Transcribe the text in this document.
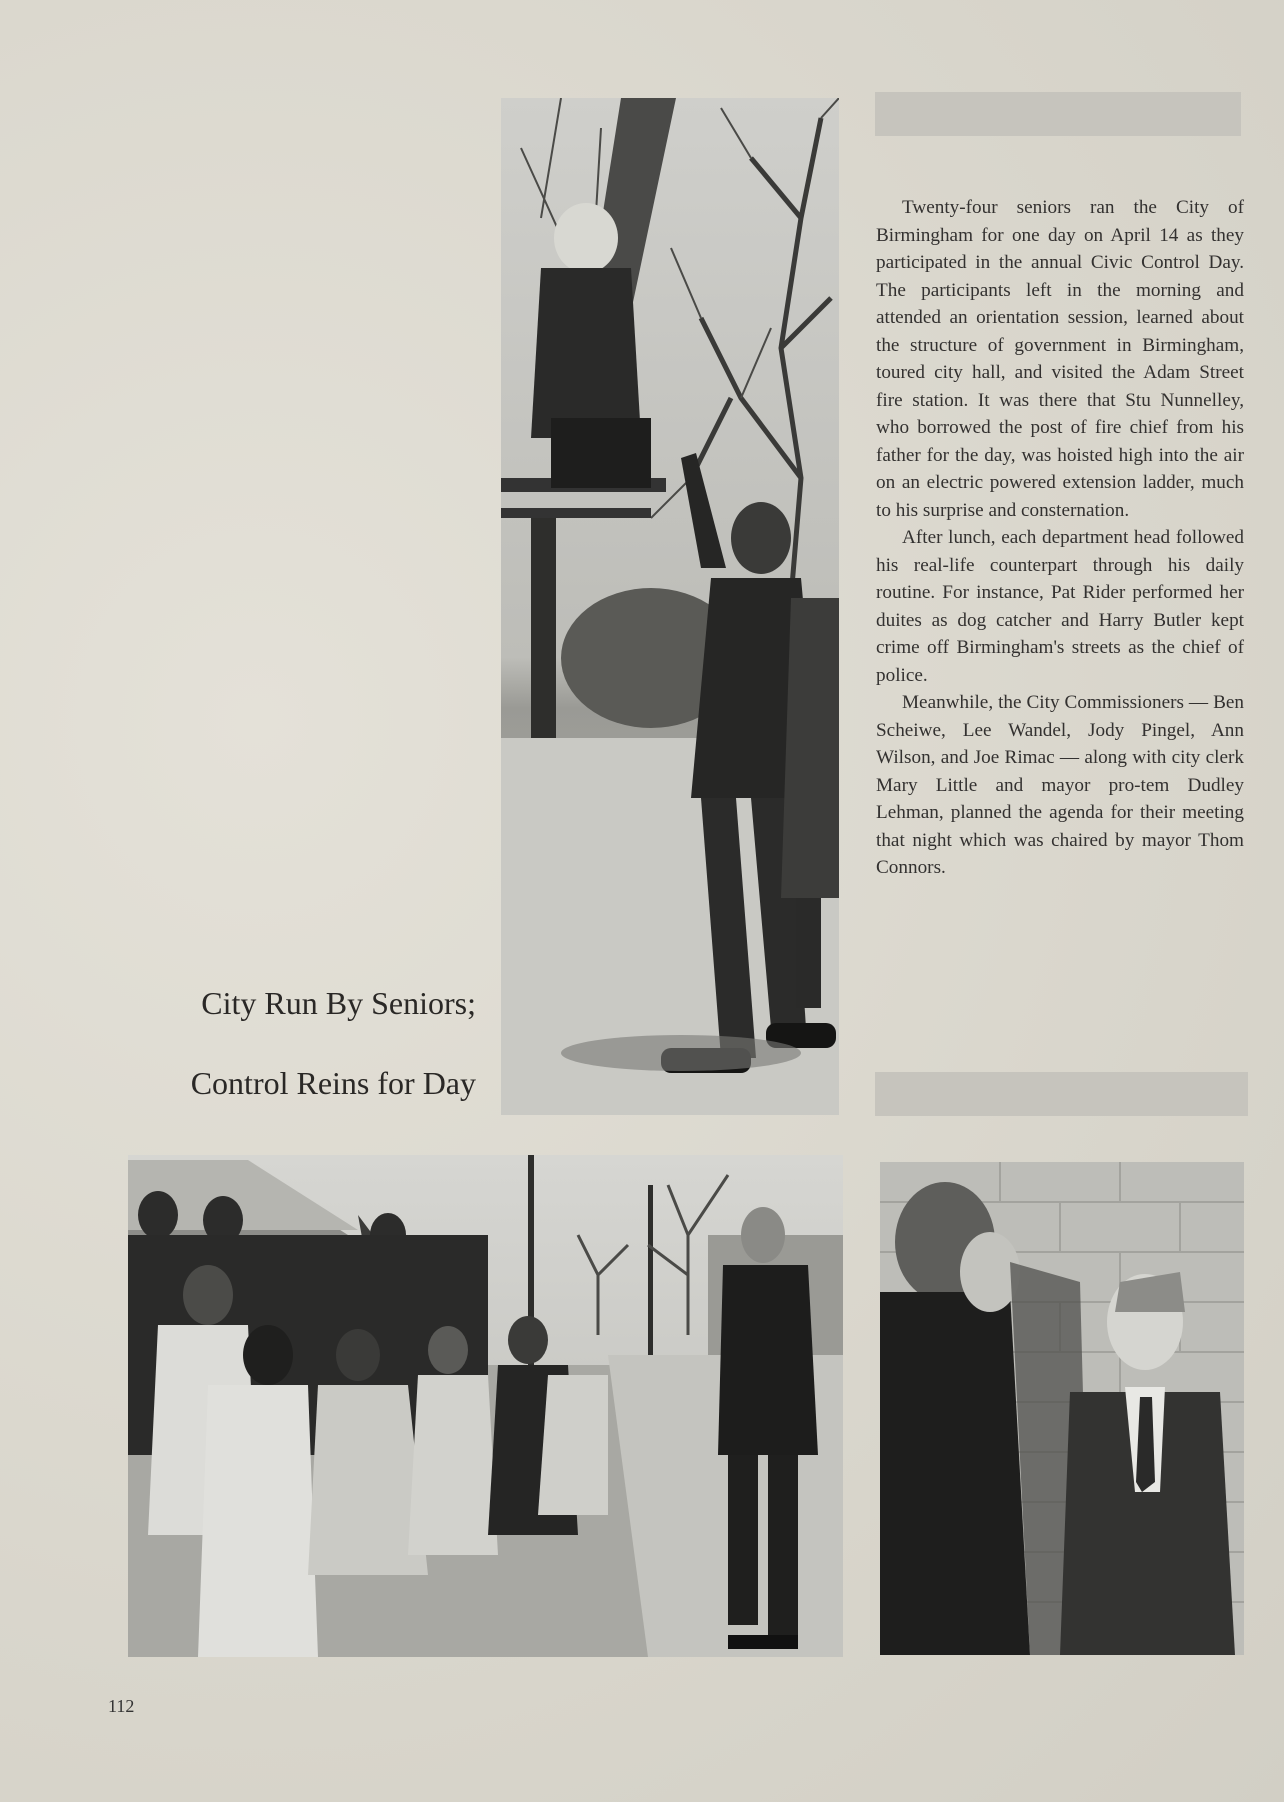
Twenty-four seniors ran the City of Birmingham for one day on April 14 as they participated in the annual Civic Control Day. The participants left in the morning and attended an orientation session, learned about the structure of government in Birmingham, toured city hall, and visited the Adam Street fire station. It was there that Stu Nunnelley, who borrowed the post of fire chief from his father for the day, was hoisted high into the air on an electric powered extension ladder, much to his surprise and consternation.

After lunch, each department head followed his real-life counterpart through his daily routine. For instance, Pat Rider performed her duites as dog catcher and Harry Butler kept crime off Birmingham's streets as the chief of police.

Meanwhile, the City Commissioners — Ben Scheiwe, Lee Wandel, Jody Pingel, Ann Wilson, and Joe Rimac — along with city clerk Mary Little and mayor pro-tem Dudley Lehman, planned the agenda for their meeting that night which was chaired by mayor Thom Connors.

City Run By Seniors;
Control Reins for Day
112
